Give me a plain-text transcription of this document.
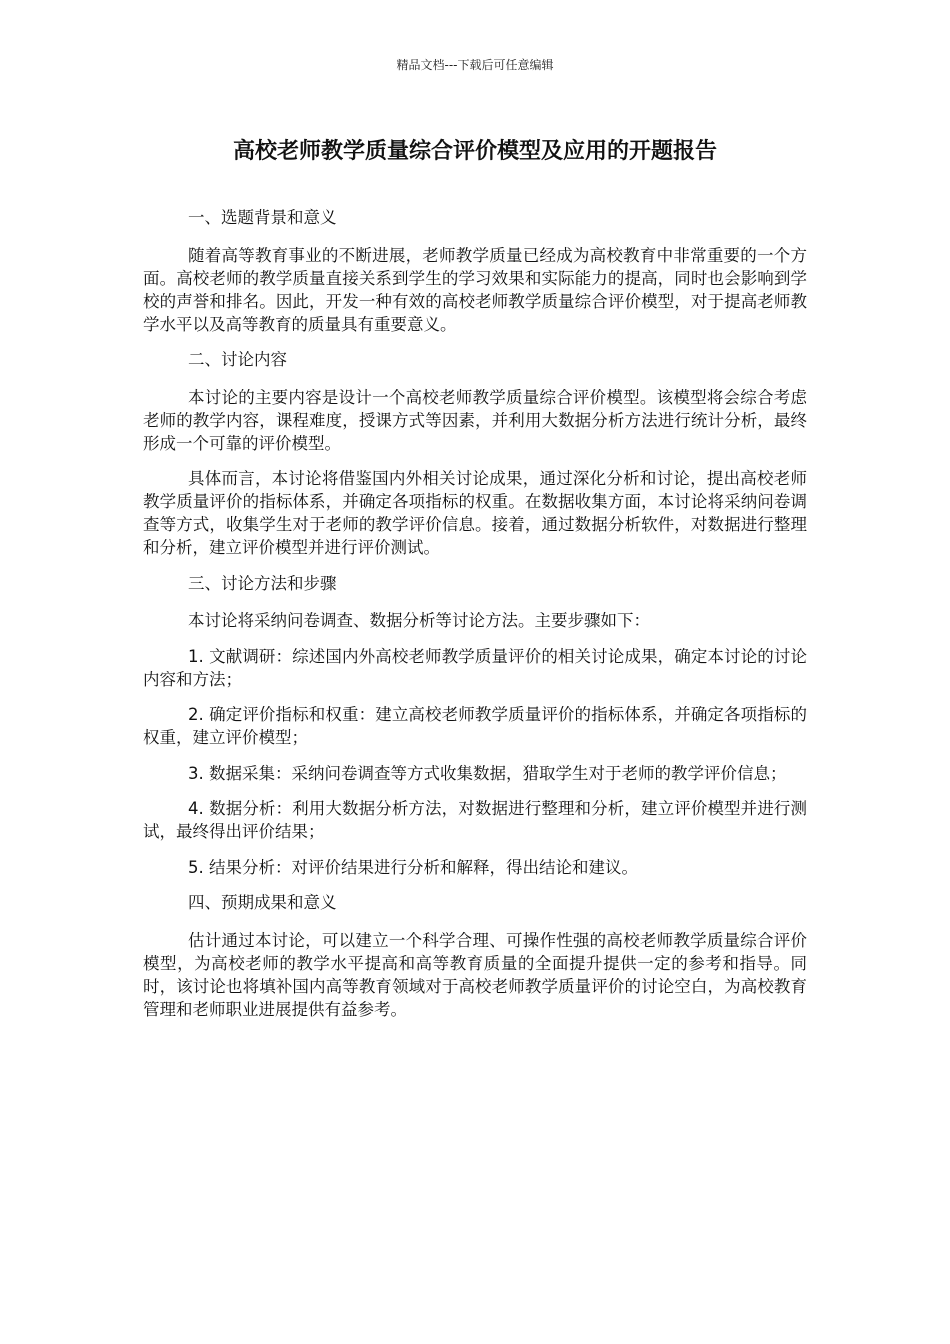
精品文档---下载后可任意编辑
高校老师教学质量综合评价模型及应用的开题报告

一、选题背景和意义

随着高等教育事业的不断进展，老师教学质量已经成为高校教育中非常重要的一个方面。高校老师的教学质量直接关系到学生的学习效果和实际能力的提高，同时也会影响到学校的声誉和排名。因此，开发一种有效的高校老师教学质量综合评价模型，对于提高老师教学水平以及高等教育的质量具有重要意义。

二、讨论内容

本讨论的主要内容是设计一个高校老师教学质量综合评价模型。该模型将会综合考虑老师的教学内容，课程难度，授课方式等因素，并利用大数据分析方法进行统计分析，最终形成一个可靠的评价模型。

具体而言，本讨论将借鉴国内外相关讨论成果，通过深化分析和讨论，提出高校老师教学质量评价的指标体系，并确定各项指标的权重。在数据收集方面，本讨论将采纳问卷调查等方式，收集学生对于老师的教学评价信息。接着，通过数据分析软件，对数据进行整理和分析，建立评价模型并进行评价测试。

三、讨论方法和步骤

本讨论将采纳问卷调查、数据分析等讨论方法。主要步骤如下：

1. 文献调研：综述国内外高校老师教学质量评价的相关讨论成果，确定本讨论的讨论内容和方法；

2. 确定评价指标和权重：建立高校老师教学质量评价的指标体系，并确定各项指标的权重，建立评价模型；

3. 数据采集：采纳问卷调查等方式收集数据，猎取学生对于老师的教学评价信息；

4. 数据分析：利用大数据分析方法，对数据进行整理和分析，建立评价模型并进行测试，最终得出评价结果；

5. 结果分析：对评价结果进行分析和解释，得出结论和建议。

四、预期成果和意义

估计通过本讨论，可以建立一个科学合理、可操作性强的高校老师教学质量综合评价模型，为高校老师的教学水平提高和高等教育质量的全面提升提供一定的参考和指导。同时，该讨论也将填补国内高等教育领域对于高校老师教学质量评价的讨论空白，为高校教育管理和老师职业进展提供有益参考。
